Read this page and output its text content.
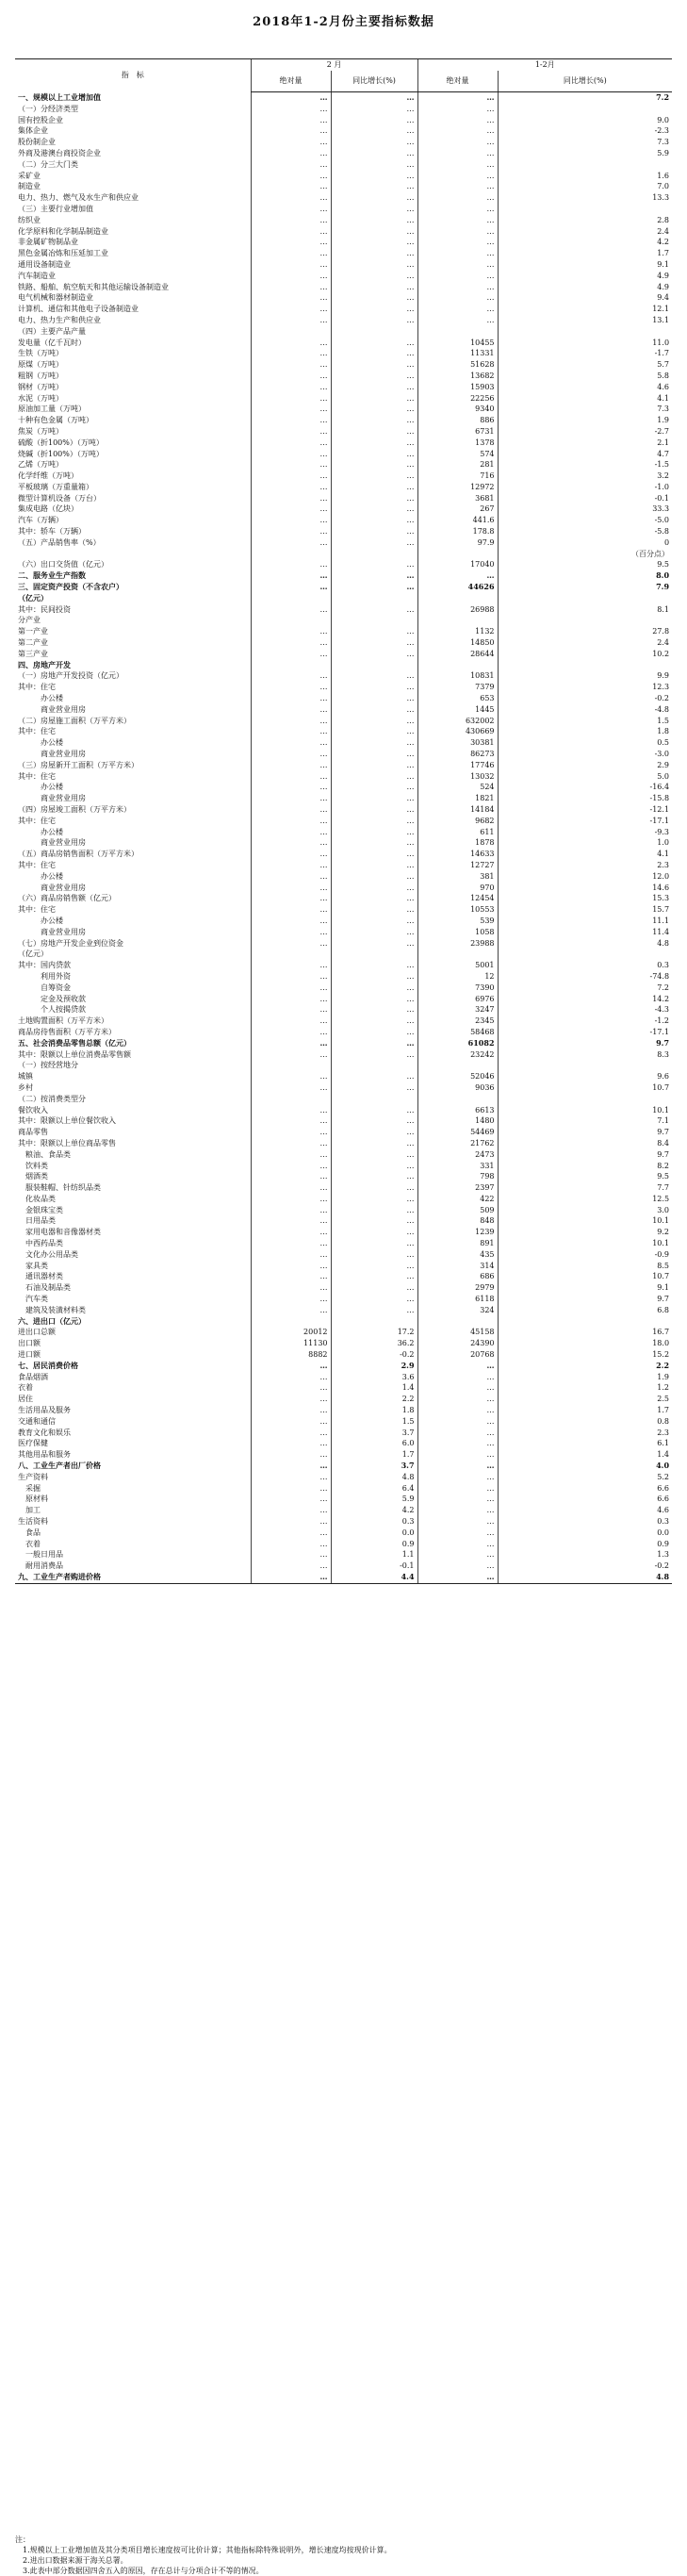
2018年1-2月份主要指标数据
指　标	2 月		1-2月	
	绝对量	同比增长(%)	绝对量	同比增长(%)
一、规模以上工业增加值	…	…	…	7.2
（一）分经济类型	…	…	…	
国有控股企业	…	…	…	9.0
集体企业	…	…	…	-2.3
股份制企业	…	…	…	7.3
外商及港澳台商投资企业	…	…	…	5.9
（二）分三大门类	…	…	…	
采矿业	…	…	…	1.6
制造业	…	…	…	7.0
电力、热力、燃气及水生产和供应业	…	…	…	13.3
（三）主要行业增加值	…	…	…	
纺织业	…	…	…	2.8
化学原料和化学制品制造业	…	…	…	2.4
非金属矿物制品业	…	…	…	4.2
黑色金属冶炼和压延加工业	…	…	…	1.7
通用设备制造业	…	…	…	9.1
汽车制造业	…	…	…	4.9
铁路、船舶、航空航天和其他运输设备制造业	…	…	…	4.9
电气机械和器材制造业	…	…	…	9.4
计算机、通信和其他电子设备制造业	…	…	…	12.1
电力、热力生产和供应业	…	…	…	13.1
（四）主要产品产量				
发电量（亿千瓦时）	…	…	10455	11.0
生铁（万吨）	…	…	11331	-1.7
原煤（万吨）	…	…	51628	5.7
粗钢（万吨）	…	…	13682	5.8
钢材（万吨）	…	…	15903	4.6
水泥（万吨）	…	…	22256	4.1
原油加工量（万吨）	…	…	9340	7.3
十种有色金属（万吨）	…	…	886	1.9
焦炭（万吨）	…	…	6731	-2.7
硫酸（折100%）（万吨）	…	…	1378	2.1
烧碱（折100%）（万吨）	…	…	574	4.7
乙烯（万吨）	…	…	281	-1.5
化学纤维（万吨）	…	…	716	3.2
平板玻璃（万重量箱）	…	…	12972	-1.0
微型计算机设备（万台）	…	…	3681	-0.1
集成电路（亿块）	…	…	267	33.3
汽车（万辆）	…	…	441.6	-5.0
其中：轿车（万辆）	…	…	178.8	-5.8
（五）产品销售率（%）	…	…	97.9	0
				（百分点）
（六）出口交货值（亿元）	…	…	17040	9.5
二、服务业生产指数	…	…	…	8.0
三、固定资产投资（不含农户）	…	…	44626	7.9
（亿元）				
其中：民间投资	…	…	26988	8.1
分产业				
第一产业	…	…	1132	27.8
第二产业	…	…	14850	2.4
第三产业	…	…	28644	10.2
四、房地产开发				
（一）房地产开发投资（亿元）	…	…	10831	9.9
其中：住宅	…	…	7379	12.3
　　　办公楼	…	…	653	-0.2
　　　商业营业用房	…	…	1445	-4.8
（二）房屋施工面积（万平方米）	…	…	632002	1.5
其中：住宅	…	…	430669	1.8
　　　办公楼	…	…	30381	0.5
　　　商业营业用房	…	…	86273	-3.0
（三）房屋新开工面积（万平方米）	…	…	17746	2.9
其中：住宅	…	…	13032	5.0
　　　办公楼	…	…	524	-16.4
　　　商业营业用房	…	…	1821	-15.8
（四）房屋竣工面积（万平方米）	…	…	14184	-12.1
其中：住宅	…	…	9682	-17.1
　　　办公楼	…	…	611	-9.3
　　　商业营业用房	…	…	1878	1.0
（五）商品房销售面积（万平方米）	…	…	14633	4.1
其中：住宅	…	…	12727	2.3
　　　办公楼	…	…	381	12.0
　　　商业营业用房	…	…	970	14.6
（六）商品房销售额（亿元）	…	…	12454	15.3
其中：住宅	…	…	10553	15.7
　　　办公楼	…	…	539	11.1
　　　商业营业用房	…	…	1058	11.4
（七）房地产开发企业到位资金	…	…	23988	4.8
（亿元）				
其中：国内贷款	…	…	5001	0.3
　　　利用外资	…	…	12	-74.8
　　　自筹资金	…	…	7390	7.2
　　　定金及预收款	…	…	6976	14.2
　　　个人按揭贷款	…	…	3247	-4.3
土地购置面积（万平方米）	…	…	2345	-1.2
商品房待售面积（万平方米）	…	…	58468	-17.1
五、社会消费品零售总额（亿元）	…	…	61082	9.7
其中：限额以上单位消费品零售额	…	…	23242	8.3
（一）按经营地分				
城镇	…	…	52046	9.6
乡村	…	…	9036	10.7
（二）按消费类型分				
餐饮收入	…	…	6613	10.1
其中：限额以上单位餐饮收入	…	…	1480	7.1
商品零售	…	…	54469	9.7
其中：限额以上单位商品零售	…	…	21762	8.4
　粮油、食品类	…	…	2473	9.7
　饮料类	…	…	331	8.2
　烟酒类	…	…	798	9.5
　服装鞋帽、针纺织品类	…	…	2397	7.7
　化妆品类	…	…	422	12.5
　金银珠宝类	…	…	509	3.0
　日用品类	…	…	848	10.1
　家用电器和音像器材类	…	…	1239	9.2
　中西药品类	…	…	891	10.1
　文化办公用品类	…	…	435	-0.9
　家具类	…	…	314	8.5
　通讯器材类	…	…	686	10.7
　石油及制品类	…	…	2979	9.1
　汽车类	…	…	6118	9.7
　建筑及装潢材料类	…	…	324	6.8
六、进出口（亿元）				
进出口总额	20012	17.2	45158	16.7
出口额	11130	36.2	24390	18.0
进口额	8882	-0.2	20768	15.2
七、居民消费价格	…	2.9	…	2.2
食品烟酒	…	3.6	…	1.9
衣着	…	1.4	…	1.2
居住	…	2.2	…	2.5
生活用品及服务	…	1.8	…	1.7
交通和通信	…	1.5	…	0.8
教育文化和娱乐	…	3.7	…	2.3
医疗保健	…	6.0	…	6.1
其他用品和服务	…	1.7	…	1.4
八、工业生产者出厂价格	…	3.7	…	4.0
生产资料	…	4.8	…	5.2
　采掘	…	6.4	…	6.6
　原材料	…	5.9	…	6.6
　加工	…	4.2	…	4.6
生活资料	…	0.3	…	0.3
　食品	…	0.0	…	0.0
　衣着	…	0.9	…	0.9
　一般日用品	…	1.1	…	1.3
　耐用消费品	…	-0.1	…	-0.2
九、工业生产者购进价格	…	4.4	…	4.8
注：
　1.规模以上工业增加值及其分类项目增长速度按可比价计算；其他指标除特殊说明外，增长速度均按现价计算。
　2.进出口数据来源于海关总署。
　3.此表中部分数据因四舍五入的原因，存在总计与分项合计不等的情况。
